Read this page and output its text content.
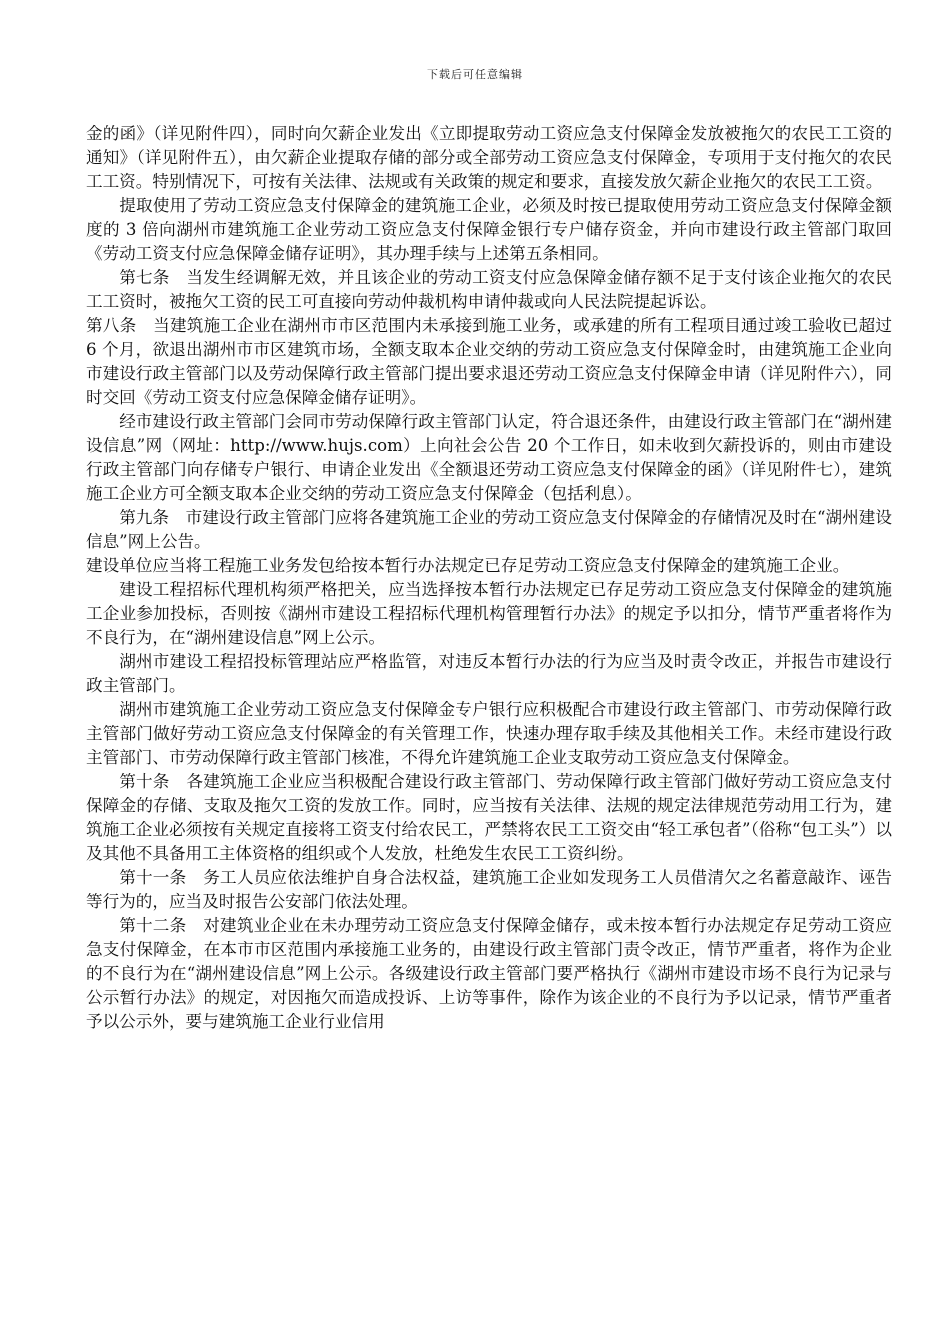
下载后可任意编辑

金的函》（详见附件四），同时向欠薪企业发出《立即提取劳动工资应急支付保障金发放被拖欠的农民工工资的通知》（详见附件五），由欠薪企业提取存储的部分或全部劳动工资应急支付保障金，专项用于支付拖欠的农民工工资。特别情况下，可按有关法律、法规或有关政策的规定和要求，直接发放欠薪企业拖欠的农民工工资。

提取使用了劳动工资应急支付保障金的建筑施工企业，必须及时按已提取使用劳动工资应急支付保障金额度的 3 倍向湖州市建筑施工企业劳动工资应急支付保障金银行专户储存资金，并向市建设行政主管部门取回《劳动工资支付应急保障金储存证明》，其办理手续与上述第五条相同。

第七条　当发生经调解无效，并且该企业的劳动工资支付应急保障金储存额不足于支付该企业拖欠的农民工工资时，被拖欠工资的民工可直接向劳动仲裁机构申请仲裁或向人民法院提起诉讼。

第八条　当建筑施工企业在湖州市市区范围内未承接到施工业务，或承建的所有工程项目通过竣工验收已超过 6 个月，欲退出湖州市市区建筑市场，全额支取本企业交纳的劳动工资应急支付保障金时，由建筑施工企业向市建设行政主管部门以及劳动保障行政主管部门提出要求退还劳动工资应急支付保障金申请（详见附件六），同时交回《劳动工资支付应急保障金储存证明》。

经市建设行政主管部门会同市劳动保障行政主管部门认定，符合退还条件，由建设行政主管部门在“湖州建设信息”网（网址：http://www.hujs.com）上向社会公告 20 个工作日，如未收到欠薪投诉的，则由市建设行政主管部门向存储专户银行、申请企业发出《全额退还劳动工资应急支付保障金的函》（详见附件七），建筑施工企业方可全额支取本企业交纳的劳动工资应急支付保障金（包括利息）。

第九条　市建设行政主管部门应将各建筑施工企业的劳动工资应急支付保障金的存储情况及时在“湖州建设信息”网上公告。

建设单位应当将工程施工业务发包给按本暂行办法规定已存足劳动工资应急支付保障金的建筑施工企业。

建设工程招标代理机构须严格把关，应当选择按本暂行办法规定已存足劳动工资应急支付保障金的建筑施工企业参加投标，否则按《湖州市建设工程招标代理机构管理暂行办法》的规定予以扣分，情节严重者将作为不良行为，在“湖州建设信息”网上公示。

湖州市建设工程招投标管理站应严格监管，对违反本暂行办法的行为应当及时责令改正，并报告市建设行政主管部门。

湖州市建筑施工企业劳动工资应急支付保障金专户银行应积极配合市建设行政主管部门、市劳动保障行政主管部门做好劳动工资应急支付保障金的有关管理工作，快速办理存取手续及其他相关工作。未经市建设行政主管部门、市劳动保障行政主管部门核准，不得允许建筑施工企业支取劳动工资应急支付保障金。

第十条　各建筑施工企业应当积极配合建设行政主管部门、劳动保障行政主管部门做好劳动工资应急支付保障金的存储、支取及拖欠工资的发放工作。同时，应当按有关法律、法规的规定法律规范劳动用工行为，建筑施工企业必须按有关规定直接将工资支付给农民工，严禁将农民工工资交由“轻工承包者”（俗称“包工头”）以及其他不具备用工主体资格的组织或个人发放，杜绝发生农民工工资纠纷。

第十一条　务工人员应依法维护自身合法权益，建筑施工企业如发现务工人员借清欠之名蓄意敲诈、诬告等行为的，应当及时报告公安部门依法处理。

第十二条　对建筑业企业在未办理劳动工资应急支付保障金储存，或未按本暂行办法规定存足劳动工资应急支付保障金，在本市市区范围内承接施工业务的，由建设行政主管部门责令改正，情节严重者，将作为企业的不良行为在“湖州建设信息”网上公示。各级建设行政主管部门要严格执行《湖州市建设市场不良行为记录与公示暂行办法》的规定，对因拖欠而造成投诉、上访等事件，除作为该企业的不良行为予以记录，情节严重者予以公示外，要与建筑施工企业行业信用
